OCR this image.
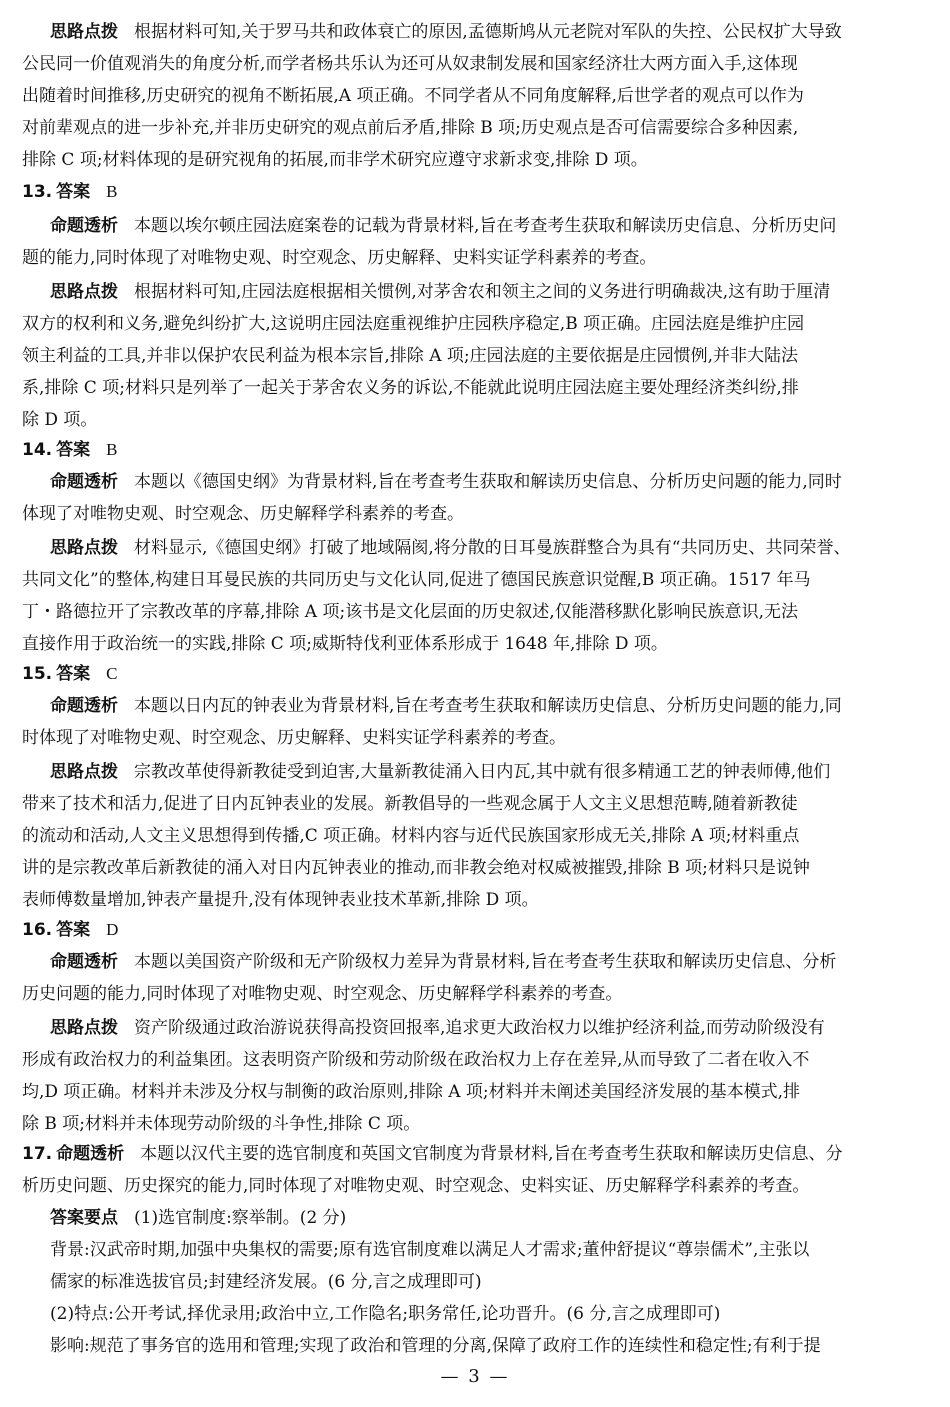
思路点拨 根据材料可知,关于罗马共和政体衰亡的原因,孟德斯鸠从元老院对军队的失控、公民权扩大导致
公民同一价值观消失的角度分析,而学者杨共乐认为还可从奴隶制发展和国家经济壮大两方面入手,这体现
出随着时间推移,历史研究的视角不断拓展,A 项正确。不同学者从不同角度解释,后世学者的观点可以作为
对前辈观点的进一步补充,并非历史研究的观点前后矛盾,排除 B 项;历史观点是否可信需要综合多种因素,
排除 C 项;材料体现的是研究视角的拓展,而非学术研究应遵守求新求变,排除 D 项。
13. 答案 B
命题透析 本题以埃尔顿庄园法庭案卷的记载为背景材料,旨在考查考生获取和解读历史信息、分析历史问
题的能力,同时体现了对唯物史观、时空观念、历史解释、史料实证学科素养的考查。
思路点拨 根据材料可知,庄园法庭根据相关惯例,对茅舍农和领主之间的义务进行明确裁决,这有助于厘清
双方的权利和义务,避免纠纷扩大,这说明庄园法庭重视维护庄园秩序稳定,B 项正确。庄园法庭是维护庄园
领主利益的工具,并非以保护农民利益为根本宗旨,排除 A 项;庄园法庭的主要依据是庄园惯例,并非大陆法
系,排除 C 项;材料只是列举了一起关于茅舍农义务的诉讼,不能就此说明庄园法庭主要处理经济类纠纷,排
除 D 项。
14. 答案 B
命题透析 本题以《德国史纲》为背景材料,旨在考查考生获取和解读历史信息、分析历史问题的能力,同时
体现了对唯物史观、时空观念、历史解释学科素养的考查。
思路点拨 材料显示,《德国史纲》打破了地域隔阂,将分散的日耳曼族群整合为具有“共同历史、共同荣誉、
共同文化”的整体,构建日耳曼民族的共同历史与文化认同,促进了德国民族意识觉醒,B 项正确。1517 年马
丁・路德拉开了宗教改革的序幕,排除 A 项;该书是文化层面的历史叙述,仅能潜移默化影响民族意识,无法
直接作用于政治统一的实践,排除 C 项;威斯特伐利亚体系形成于 1648 年,排除 D 项。
15. 答案 C
命题透析 本题以日内瓦的钟表业为背景材料,旨在考查考生获取和解读历史信息、分析历史问题的能力,同
时体现了对唯物史观、时空观念、历史解释、史料实证学科素养的考查。
思路点拨 宗教改革使得新教徒受到迫害,大量新教徒涌入日内瓦,其中就有很多精通工艺的钟表师傅,他们
带来了技术和活力,促进了日内瓦钟表业的发展。新教倡导的一些观念属于人文主义思想范畴,随着新教徒
的流动和活动,人文主义思想得到传播,C 项正确。材料内容与近代民族国家形成无关,排除 A 项;材料重点
讲的是宗教改革后新教徒的涌入对日内瓦钟表业的推动,而非教会绝对权威被摧毁,排除 B 项;材料只是说钟
表师傅数量增加,钟表产量提升,没有体现钟表业技术革新,排除 D 项。
16. 答案 D
命题透析 本题以美国资产阶级和无产阶级权力差异为背景材料,旨在考查考生获取和解读历史信息、分析
历史问题的能力,同时体现了对唯物史观、时空观念、历史解释学科素养的考查。
思路点拨 资产阶级通过政治游说获得高投资回报率,追求更大政治权力以维护经济利益,而劳动阶级没有
形成有政治权力的利益集团。这表明资产阶级和劳动阶级在政治权力上存在差异,从而导致了二者在收入不
均,D 项正确。材料并未涉及分权与制衡的政治原则,排除 A 项;材料并未阐述美国经济发展的基本模式,排
除 B 项;材料并未体现劳动阶级的斗争性,排除 C 项。
17. 命题透析 本题以汉代主要的选官制度和英国文官制度为背景材料,旨在考查考生获取和解读历史信息、分
析历史问题、历史探究的能力,同时体现了对唯物史观、时空观念、史料实证、历史解释学科素养的考查。
答案要点 (1)选官制度:察举制。(2 分)
背景:汉武帝时期,加强中央集权的需要;原有选官制度难以满足人才需求;董仲舒提议“尊崇儒术”,主张以
儒家的标准选拔官员;封建经济发展。(6 分,言之成理即可)
(2)特点:公开考试,择优录用;政治中立,工作隐名;职务常任,论功晋升。(6 分,言之成理即可)
影响:规范了事务官的选用和管理;实现了政治和管理的分离,保障了政府工作的连续性和稳定性;有利于提
— 3 —
